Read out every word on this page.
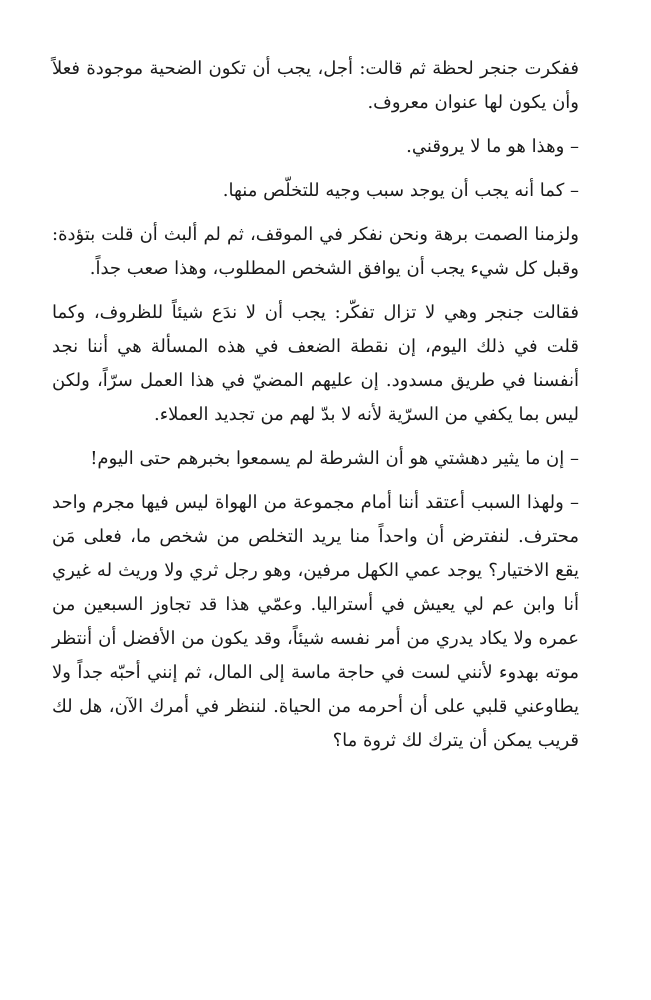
ففكرت جنجر لحظة ثم قالت: أجل، يجب أن تكون الضحية موجودة فعلاً وأن يكون لها عنوان معروف.

– وهذا هو ما لا يروقني.

– كما أنه يجب أن يوجد سبب وجيه للتخلّص منها.

ولزمنا الصمت برهة ونحن نفكر في الموقف، ثم لم ألبث أن قلت بتؤدة: وقبل كل شيء يجب أن يوافق الشخص المطلوب، وهذا صعب جداً.

فقالت جنجر وهي لا تزال تفكّر: يجب أن لا ندَع شيئاً للظروف، وكما قلت في ذلك اليوم، إن نقطة الضعف في هذه المسألة هي أننا نجد أنفسنا في طريق مسدود. إن عليهم المضيّ في هذا العمل سرّاً، ولكن ليس بما يكفي من السرّية لأنه لا بدّ لهم من تجديد العملاء.

– إن ما يثير دهشتي هو أن الشرطة لم يسمعوا بخبرهم حتى اليوم!

– ولهذا السبب أعتقد أننا أمام مجموعة من الهواة ليس فيها مجرم واحد محترف. لنفترض أن واحداً منا يريد التخلص من شخص ما، فعلى مَن يقع الاختيار؟ يوجد عمي الكهل مرفين، وهو رجل ثري ولا وريث له غيري أنا وابن عم لي يعيش في أستراليا. وعمّي هذا قد تجاوز السبعين من عمره ولا يكاد يدري من أمر نفسه شيئاً، وقد يكون من الأفضل أن أنتظر موته بهدوء لأنني لست في حاجة ماسة إلى المال، ثم إنني أحبّه جداً ولا يطاوعني قلبي على أن أحرمه من الحياة. لننظر في أمرك الآن، هل لك قريب يمكن أن يترك لك ثروة ما؟
